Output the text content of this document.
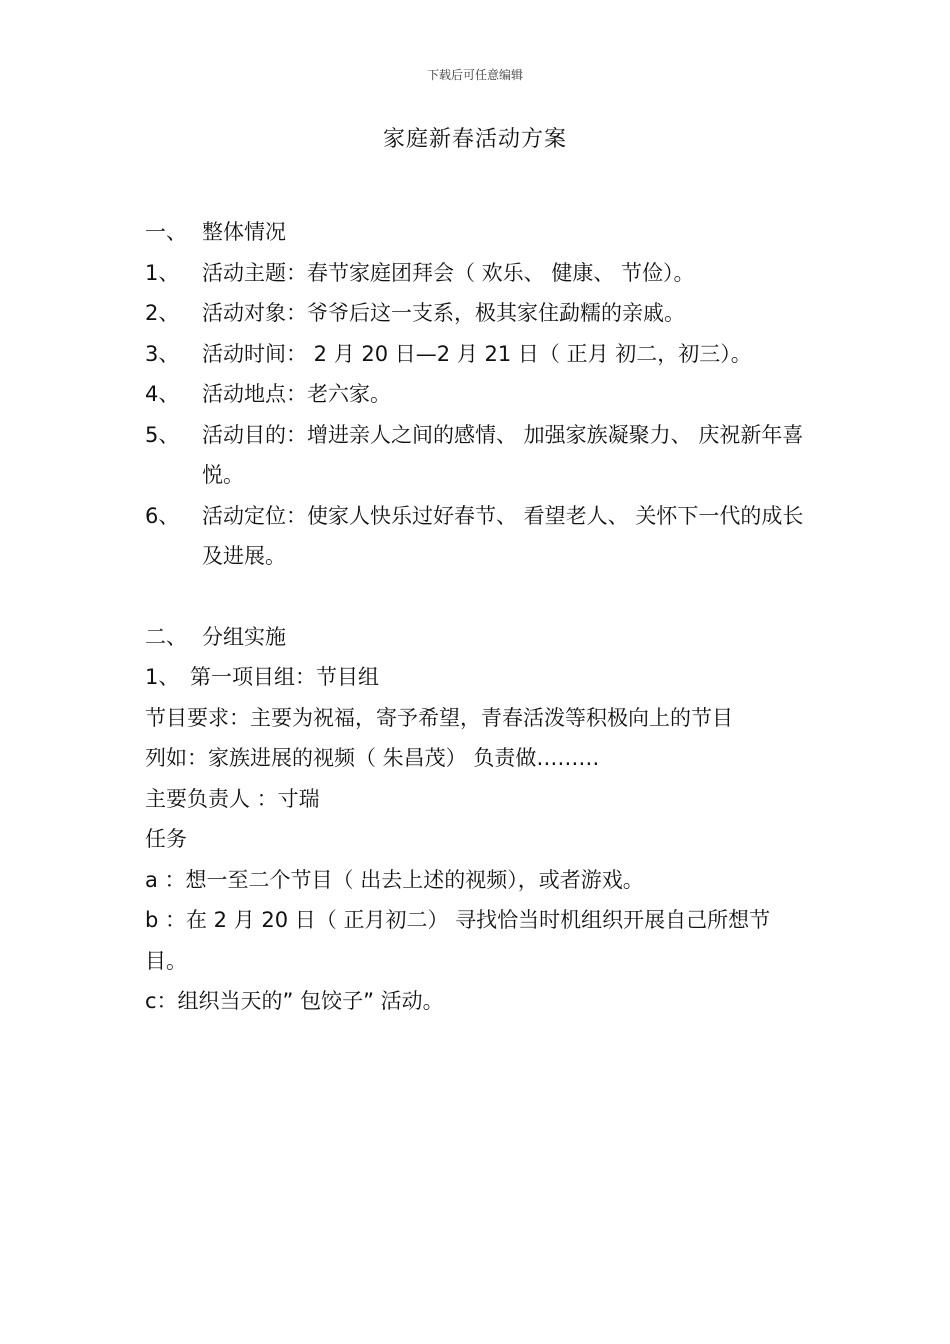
下载后可任意编辑
家庭新春活动方案
一、 整体情况
1、	活动主题：春节家庭团拜会（ 欢乐、 健康、 节俭）。
2、	活动对象：爷爷后这一支系，极其家住勐糯的亲戚。
3、	活动时间： 2 月 20 日—2 月 21 日（ 正月 初二，初三）。
4、	活动地点：老六家。
5、	活动目的：增进亲人之间的感情、 加强家族凝聚力、 庆祝新年喜悦。
6、	活动定位：使家人快乐过好春节、 看望老人、 关怀下一代的成长及进展。
二、 分组实施
1、 第一项目组：节目组
节目要求：主要为祝福，寄予希望，青春活泼等积极向上的节目
列如：家族进展的视频（ 朱昌茂） 负责做………
主要负责人 ：寸瑞
任务
a ：想一至二个节目（ 出去上述的视频），或者游戏。
b ：在 2 月 20 日（ 正月初二） 寻找恰当时机组织开展自己所想节目。
c：组织当天的” 包饺子” 活动。
